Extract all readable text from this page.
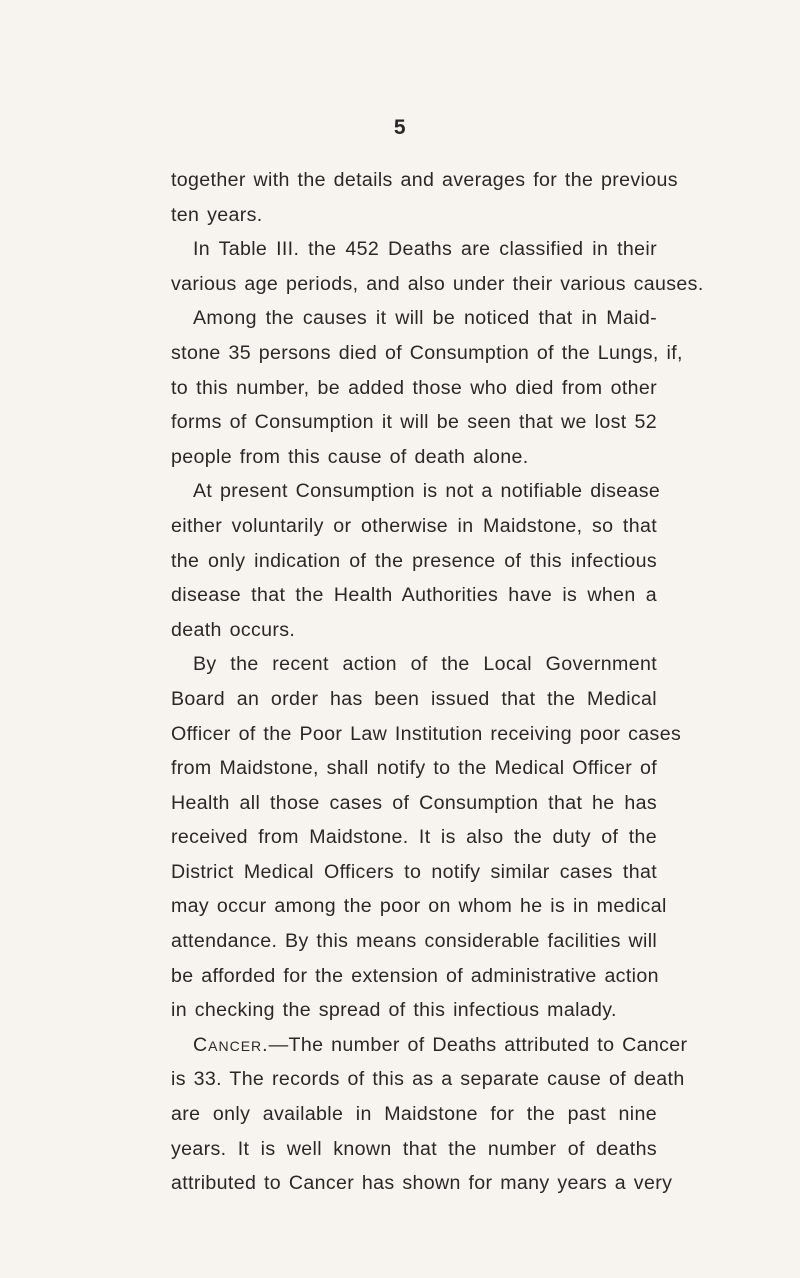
5
together with the details and averages for the previous
ten years.
In Table III. the 452 Deaths are classified in their
various age periods, and also under their various causes.
Among the causes it will be noticed that in Maid-
stone 35 persons died of Consumption of the Lungs, if,
to this number, be added those who died from other
forms of Consumption it will be seen that we lost 52
people from this cause of death alone.
At present Consumption is not a notifiable disease
either voluntarily or otherwise in Maidstone, so that
the only indication of the presence of this infectious
disease that the Health Authorities have is when a
death occurs.
By the recent action of the Local Government
Board an order has been issued that the Medical
Officer of the Poor Law Institution receiving poor cases
from Maidstone, shall notify to the Medical Officer of
Health all those cases of Consumption that he has
received from Maidstone. It is also the duty of the
District Medical Officers to notify similar cases that
may occur among the poor on whom he is in medical
attendance. By this means considerable facilities will
be afforded for the extension of administrative action
in checking the spread of this infectious malady.
Cancer.—The number of Deaths attributed to Cancer
is 33. The records of this as a separate cause of death
are only available in Maidstone for the past nine
years. It is well known that the number of deaths
attributed to Cancer has shown for many years a very
